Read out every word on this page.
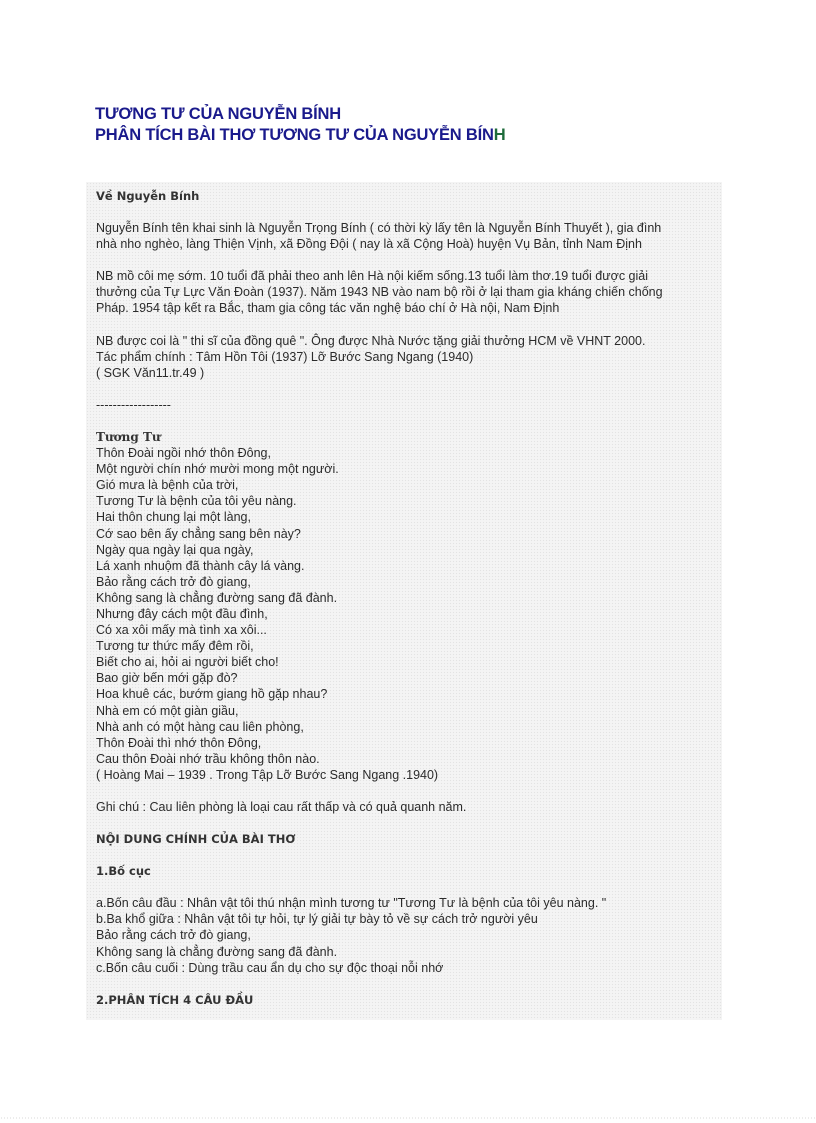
TƯƠNG TƯ CỦA NGUYỄN BÍNH
PHÂN TÍCH BÀI THƠ TƯƠNG TƯ CỦA NGUYỄN BÍNH

Về Nguyễn Bính

Nguyễn Bính tên khai sinh là Nguyễn Trọng Bính ( có thời kỳ lấy tên là Nguyễn Bính Thuyết ), gia đình

nhà nho nghèo, làng Thiện Vịnh, xã Đồng Đội ( nay là xã Cộng Hoà) huyện Vụ Bản, tỉnh Nam Định

NB mồ côi mẹ sớm. 10 tuổi đã phải theo anh lên Hà nội kiếm sống.13 tuổi làm thơ.19 tuổi được giải

thưởng của Tự Lực Văn Đoàn (1937). Năm 1943 NB vào nam bộ rồi ở lại tham gia kháng chiến chống

Pháp. 1954 tập kết ra Bắc, tham gia công tác văn nghệ báo chí ở Hà nội, Nam Định

NB được coi là " thi sĩ của đồng quê ". Ông được Nhà Nước tặng giải thưởng HCM về VHNT 2000.

Tác phẩm chính : Tâm Hồn Tôi (1937) Lỡ Bước Sang Ngang (1940)

( SGK Văn11.tr.49 )

------------------

Tương Tư

Thôn Đoài ngồi nhớ thôn Đông,

Một người chín nhớ mười mong một người.

Gió mưa là bệnh của trời,

Tương Tư là bệnh của tôi yêu nàng.

Hai thôn chung lại một làng,

Cớ sao bên ấy chẳng sang bên này?

Ngày qua ngày lại qua ngày,

Lá xanh nhuộm đã thành cây lá vàng.

Bảo rằng cách trở đò giang,

Không sang là chẳng đường sang đã đành.

Nhưng đây cách một đầu đình,

Có xa xôi mấy mà tình xa xôi...

Tương tư thức mấy đêm rồi,

Biết cho ai, hỏi ai người biết cho!

Bao giờ bến mới gặp đò?

Hoa khuê các, bướm giang hồ gặp nhau?

Nhà em có một giàn giầu,

Nhà anh có một hàng cau liên phòng,

Thôn Đoài thì nhớ thôn Đông,

Cau thôn Đoài nhớ trầu không thôn nào.

( Hoàng Mai – 1939 . Trong Tập Lỡ Bước Sang Ngang .1940)

Ghi chú : Cau liên phòng là loại cau rất thấp và có quả quanh năm.

NỘI DUNG CHÍNH CỦA BÀI THƠ

1.Bố cục

a.Bốn câu đầu : Nhân vật tôi thú nhận mình tương tư "Tương Tư là bệnh của tôi yêu nàng. "

b.Ba khổ giữa : Nhân vật tôi tự hỏi, tự lý giải tự bày tỏ về sự cách trở người yêu

Bảo rằng cách trở đò giang,

Không sang là chẳng đường sang đã đành.

c.Bốn câu cuối : Dùng trầu cau ẩn dụ cho sự độc thoại nỗi nhớ

2.PHÂN TÍCH 4 CÂU ĐẦU
